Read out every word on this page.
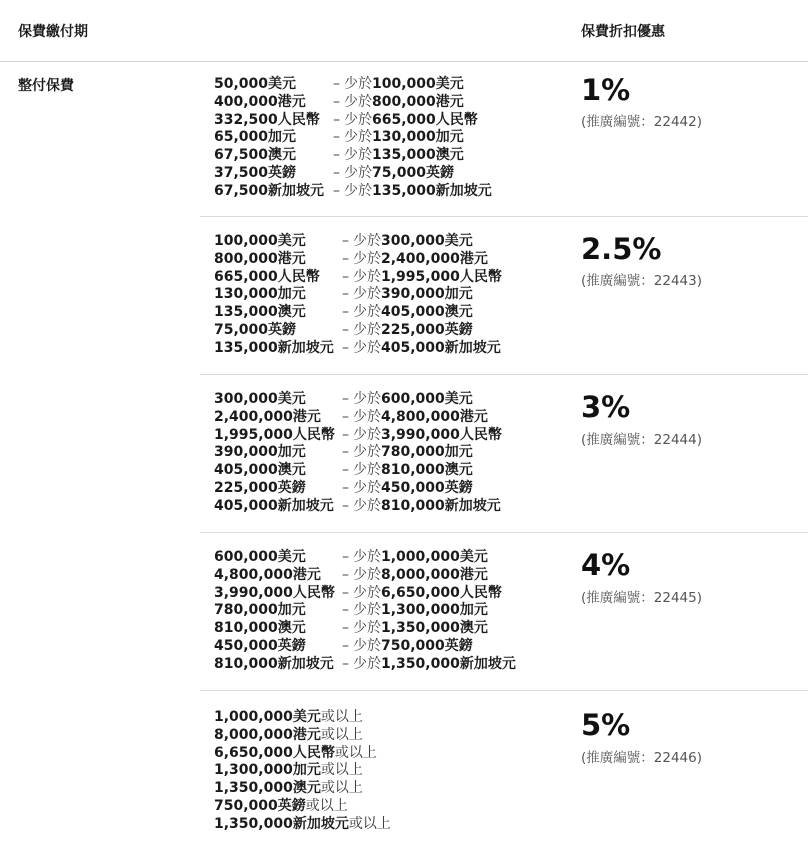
保費繳付期	保費折扣優惠
整付保費	50,000美元	– 少於 100,000美元
400,000港元	– 少於 800,000港元
332,500人民幣 – 少於 665,000人民幣
65,000加元	– 少於 130,000加元
67,500澳元	– 少於 135,000澳元
37,500英鎊	– 少於 75,000英鎊
67,500新加坡元 – 少於 135,000新加坡元
1%
(推廣編號：22442)
100,000美元	– 少於 300,000美元
800,000港元	– 少於 2,400,000港元
665,000人民幣	– 少於 1,995,000人民幣
130,000加元	– 少於 390,000加元
135,000澳元	– 少於 405,000澳元
75,000英鎊	– 少於 225,000英鎊
135,000新加坡元 – 少於 405,000新加坡元
2.5%
(推廣編號：22443)
300,000美元	– 少於 600,000美元
2,400,000港元	– 少於 4,800,000港元
1,995,000人民幣 – 少於 3,990,000人民幣
390,000加元	– 少於 780,000加元
405,000澳元	– 少於 810,000澳元
225,000英鎊	– 少於 450,000英鎊
405,000新加坡元 – 少於 810,000新加坡元
3%
(推廣編號：22444)
600,000美元	– 少於 1,000,000美元
4,800,000港元	– 少於 8,000,000港元
3,990,000人民幣 – 少於 6,650,000人民幣
780,000加元	– 少於 1,300,000加元
810,000澳元	– 少於 1,350,000澳元
450,000英鎊	– 少於 750,000英鎊
810,000新加坡元 – 少於 1,350,000新加坡元
4%
(推廣編號：22445)
1,000,000美元 或以上
8,000,000港元 或以上
6,650,000人民幣 或以上
1,300,000加元 或以上
1,350,000澳元 或以上
750,000英鎊 或以上
1,350,000新加坡元 或以上
5%
(推廣編號：22446)
